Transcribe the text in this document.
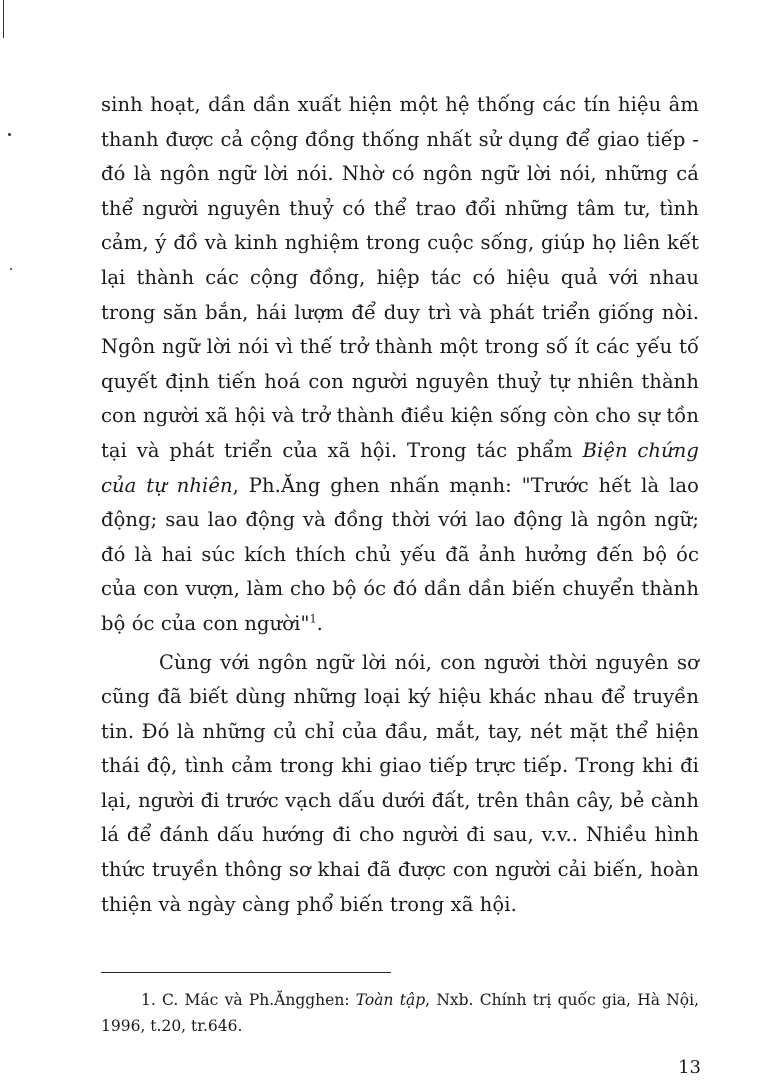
sinh hoạt, dần dần xuất hiện một hệ thống các tín hiệu âm thanh được cả cộng đồng thống nhất sử dụng để giao tiếp - đó là ngôn ngữ lời nói. Nhờ có ngôn ngữ lời nói, những cá thể người nguyên thuỷ có thể trao đổi những tâm tư, tình cảm, ý đồ và kinh nghiệm trong cuộc sống, giúp họ liên kết lại thành các cộng đồng, hiệp tác có hiệu quả với nhau trong săn bắn, hái lượm để duy trì và phát triển giống nòi. Ngôn ngữ lời nói vì thế trở thành một trong số ít các yếu tố quyết định tiến hoá con người nguyên thuỷ tự nhiên thành con người xã hội và trở thành điều kiện sống còn cho sự tồn tại và phát triển của xã hội. Trong tác phẩm Biện chứng của tự nhiên, Ph.Ăng ghen nhấn mạnh: "Trước hết là lao động; sau lao động và đồng thời với lao động là ngôn ngữ; đó là hai súc kích thích chủ yếu đã ảnh hưởng đến bộ óc của con vượn, làm cho bộ óc đó dần dần biến chuyển thành bộ óc của con người"$^1$.

Cùng với ngôn ngữ lời nói, con người thời nguyên sơ cũng đã biết dùng những loại ký hiệu khác nhau để truyền tin. Đó là những củ chỉ của đầu, mắt, tay, nét mặt thể hiện thái độ, tình cảm trong khi giao tiếp trực tiếp. Trong khi đi lại, người đi trước vạch dấu dưới đất, trên thân cây, bẻ cành lá để đánh dấu hướng đi cho người đi sau, v.v.. Nhiều hình thức truyền thông sơ khai đã được con người cải biến, hoàn thiện và ngày càng phổ biến trong xã hội.

1. C. Mác và Ph.Ăngghen: Toàn tập, Nxb. Chính trị quốc gia, Hà Nội, 1996, t.20, tr.646.
13
